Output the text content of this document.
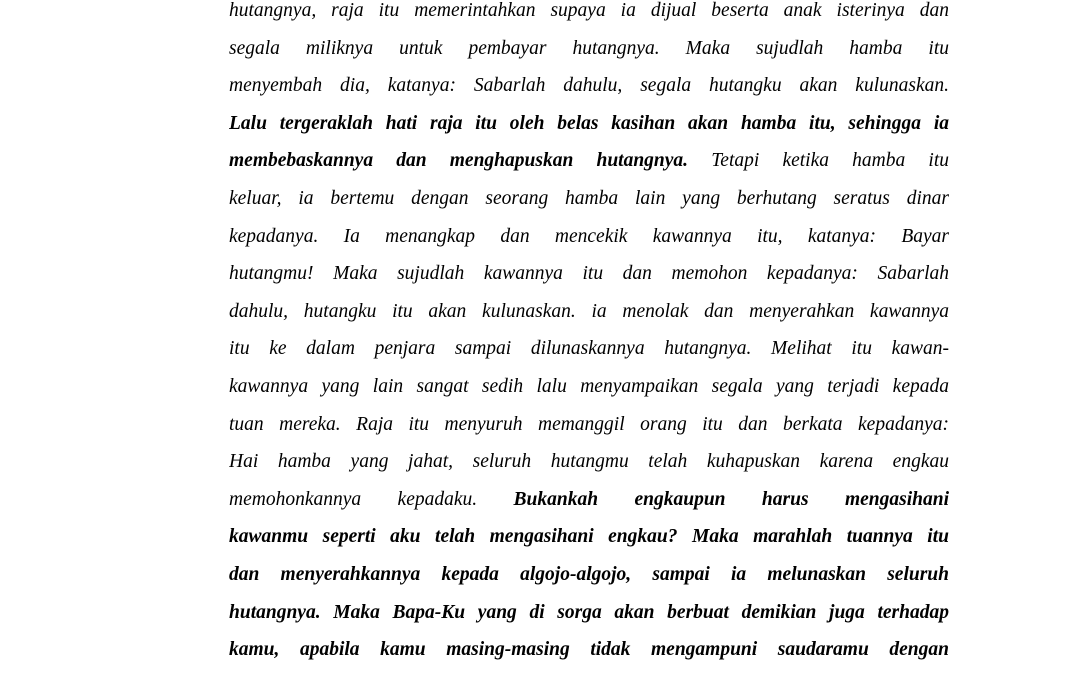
hutangnya, raja itu memerintahkan supaya ia dijual beserta anak isterinya dan
segala miliknya untuk pembayar hutangnya. Maka sujudlah hamba itu
menyembah dia, katanya: Sabarlah dahulu, segala hutangku akan kulunaskan.
Lalu tergeraklah hati raja itu oleh belas kasihan akan hamba itu, sehingga ia
membebaskannya dan menghapuskan hutangnya. Tetapi ketika hamba itu
keluar, ia bertemu dengan seorang hamba lain yang berhutang seratus dinar
kepadanya. Ia menangkap dan mencekik kawannya itu, katanya: Bayar
hutangmu! Maka sujudlah kawannya itu dan memohon kepadanya: Sabarlah
dahulu, hutangku itu akan kulunaskan. ia menolak dan menyerahkan kawannya
itu ke dalam penjara sampai dilunaskannya hutangnya. Melihat itu kawan-
kawannya yang lain sangat sedih lalu menyampaikan segala yang terjadi kepada
tuan mereka. Raja itu menyuruh memanggil orang itu dan berkata kepadanya:
Hai hamba yang jahat, seluruh hutangmu telah kuhapuskan karena engkau
memohonkannya kepadaku. Bukankah engkaupun harus mengasihani
kawanmu seperti aku telah mengasihani engkau? Maka marahlah tuannya itu
dan menyerahkannya kepada algojo-algojo, sampai ia melunaskan seluruh
hutangnya. Maka Bapa-Ku yang di sorga akan berbuat demikian juga terhadap
kamu, apabila kamu masing-masing tidak mengampuni saudaramu dengan
